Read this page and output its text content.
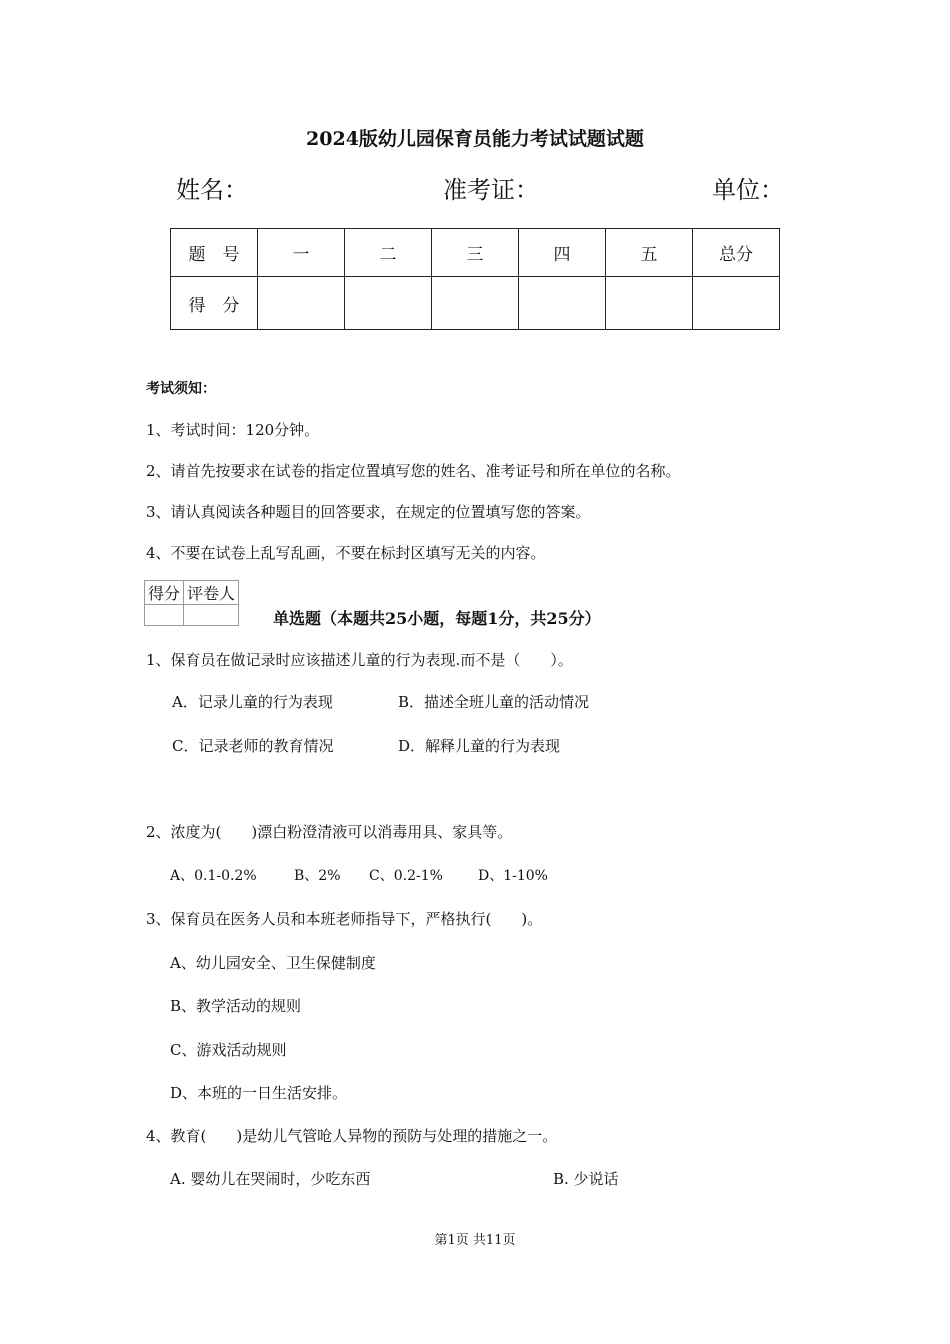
2024版幼儿园保育员能力考试试题试题
姓名：	准考证：	单位：
题　号	一	二	三	四	五	总分
得　分						
考试须知：
1、考试时间：120分钟。
2、请首先按要求在试卷的指定位置填写您的姓名、准考证号和所在单位的名称。
3、请认真阅读各种题目的回答要求，在规定的位置填写您的答案。
4、不要在试卷上乱写乱画，不要在标封区填写无关的内容。
得分	评卷人

单选题（本题共25小题，每题1分，共25分）
1、保育员在做记录时应该描述儿童的行为表现.而不是（　　）。
A．记录儿童的行为表现	B．描述全班儿童的活动情况
C．记录老师的教育情况	D．解释儿童的行为表现
2、浓度为(　　)漂白粉澄清液可以消毒用具、家具等。
A、0.1-0.2%	B、2% C、0.2-1%	D、1-10%
3、保育员在医务人员和本班老师指导下，严格执行(　　)。
A、幼儿园安全、卫生保健制度
B、教学活动的规则
C、游戏活动规则
D、本班的一日生活安排。
4、教育(　　)是幼儿气管呛人异物的预防与处理的措施之一。
A. 婴幼儿在哭闹时，少吃东西	B. 少说话
第1页 共11页
